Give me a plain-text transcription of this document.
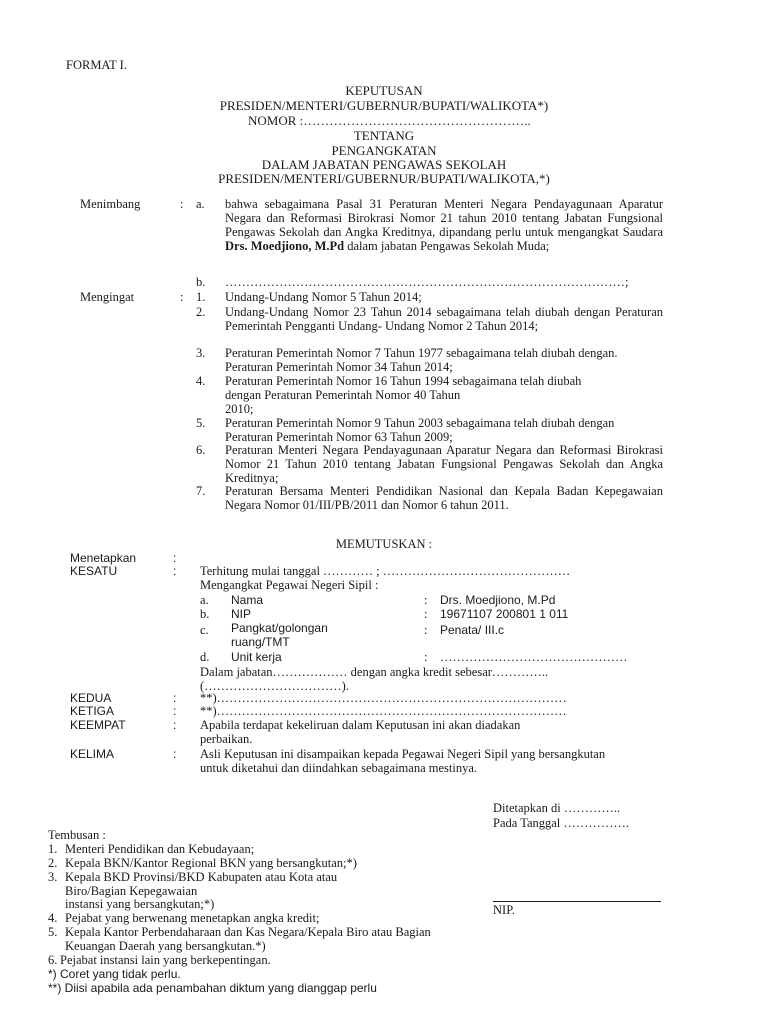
FORMAT I.
KEPUTUSAN
PRESIDEN/MENTERI/GUBERNUR/BUPATI/WALIKOTA*)
NOMOR :……………………………………………..
TENTANG
PENGANGKATAN
DALAM JABATAN PENGAWAS SEKOLAH
PRESIDEN/MENTERI/GUBERNUR/BUPATI/WALIKOTA,*)
Menimbang	: a. bahwa sebagaimana Pasal 31 Peraturan Menteri Negara Pendayagunaan Aparatur Negara dan Reformasi Birokrasi Nomor 21 tahun 2010 tentang Jabatan Fungsional Pengawas Sekolah dan Angka Kreditnya, dipandang perlu untuk mengangkat Saudara Drs. Moedjiono, M.Pd dalam jabatan Pengawas Sekolah Muda;
b. ……………………………………………………………………………………;
Mengingat	: 1. Undang-Undang Nomor 5 Tahun 2014;
2. Undang-Undang Nomor 23 Tahun 2014 sebagaimana telah diubah dengan Peraturan Pemerintah Pengganti Undang- Undang Nomor 2 Tahun 2014;
3. Peraturan Pemerintah Nomor 7 Tahun 1977 sebagaimana telah diubah dengan. Peraturan Pemerintah Nomor 34 Tahun 2014;
4. Peraturan Pemerintah Nomor 16 Tahun 1994 sebagaimana telah diubah
dengan Peraturan Pemerintah Nomor 40 Tahun
2010;
5. Peraturan Pemerintah Nomor 9 Tahun 2003 sebagaimana telah diubah dengan Peraturan Pemerintah Nomor 63 Tahun 2009;
6. Peraturan Menteri Negara Pendayagunaan Aparatur Negara dan Reformasi Birokrasi Nomor 21 Tahun 2010 tentang Jabatan Fungsional Pengawas Sekolah dan Angka Kreditnya;
7. Peraturan Bersama Menteri Pendidikan Nasional dan Kepala Badan Kepegawaian Negara Nomor 01/III/PB/2011 dan Nomor 6 tahun 2011.
MEMUTUSKAN :
Menetapkan	:
KESATU	: Terhitung mulai tanggal ………… ; ………………………………………
Mengangkat Pegawai Negeri Sipil :
a. Nama	: Drs. Moedjiono, M.Pd
b. NIP	: 19671107 200801 1 011
c. Pangkat/golongan
ruang/TMT
: Penata/ III.c
d. Unit kerja	: ………………………………………
Dalam jabatan……………… dengan angka kredit sebesar…………..
(……………………………).
KEDUA	: **)…………………………………………………………………………
KETIGA	: **)…………………………………………………………………………
KEEMPAT	: Apabila terdapat kekeliruan dalam Keputusan ini akan diadakan
perbaikan.
KELIMA	: Asli Keputusan ini disampaikan kepada Pegawai Negeri Sipil yang bersangkutan
untuk diketahui dan diindahkan sebagaimana mestinya.
Ditetapkan di …………..
Pada Tanggal …………….
NIP.
Tembusan :
1. Menteri Pendidikan dan Kebudayaan;
2. Kepala BKN/Kantor Regional BKN yang bersangkutan;*)
3. Kepala BKD Provinsi/BKD Kabupaten atau Kota atau
Biro/Bagian Kepegawaian
instansi yang bersangkutan;*)
4. Pejabat yang berwenang menetapkan angka kredit;
5. Kepala Kantor Perbendaharaan dan Kas Negara/Kepala Biro atau Bagian
Keuangan Daerah yang bersangkutan.*)
6. Pejabat instansi lain yang berkepentingan.
*) Coret yang tidak perlu.
**) Diisi apabila ada penambahan diktum yang dianggap perlu
